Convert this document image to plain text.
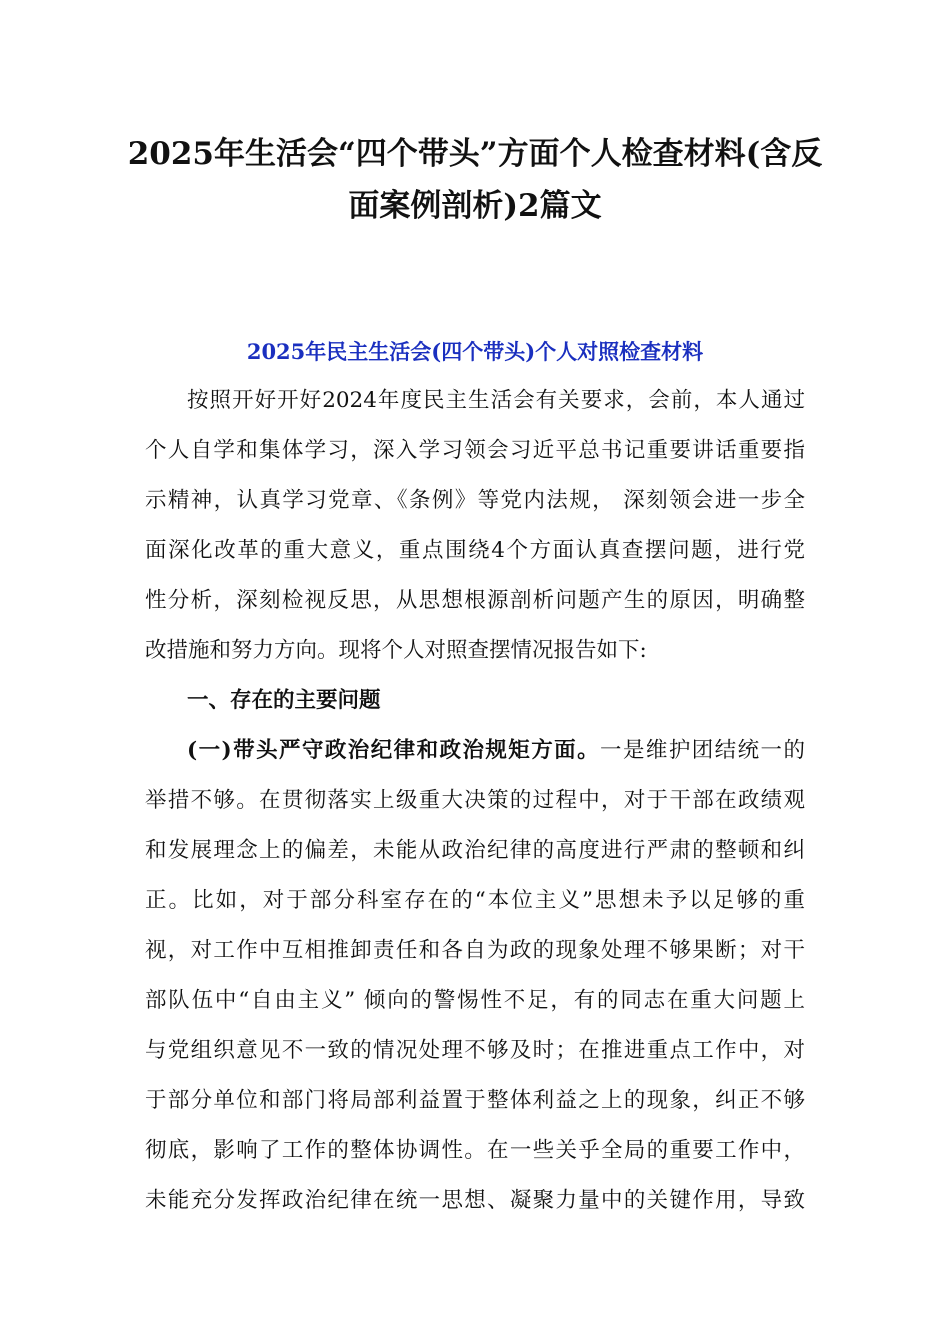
2025年生活会“四个带头”方面个人检查材料(含反
面案例剖析)2篇文
2025年民主生活会(四个带头)个人对照检查材料
按照开好开好2024年度民主生活会有关要求，会前，本人通过
个人自学和集体学习，深入学习领会习近平总书记重要讲话重要指
示精神，认真学习党章、《条例》等党内法规， 深刻领会进一步全
面深化改革的重大意义，重点围绕4个方面认真查摆问题，进行党
性分析，深刻检视反思，从思想根源剖析问题产生的原因，明确整
改措施和努力方向。现将个人对照查摆情况报告如下:
一、存在的主要问题
(一)带头严守政治纪律和政治规矩方面。一是维护团结统一的
举措不够。在贯彻落实上级重大决策的过程中，对于干部在政绩观
和发展理念上的偏差，未能从政治纪律的高度进行严肃的整顿和纠
正。比如，对于部分科室存在的“本位主义”思想未予以足够的重
视，对工作中互相推卸责任和各自为政的现象处理不够果断；对干
部队伍中“自由主义” 倾向的警惕性不足，有的同志在重大问题上
与党组织意见不一致的情况处理不够及时；在推进重点工作中，对
于部分单位和部门将局部利益置于整体利益之上的现象，纠正不够
彻底，影响了工作的整体协调性。在一些关乎全局的重要工作中，
未能充分发挥政治纪律在统一思想、凝聚力量中的关键作用，导致
